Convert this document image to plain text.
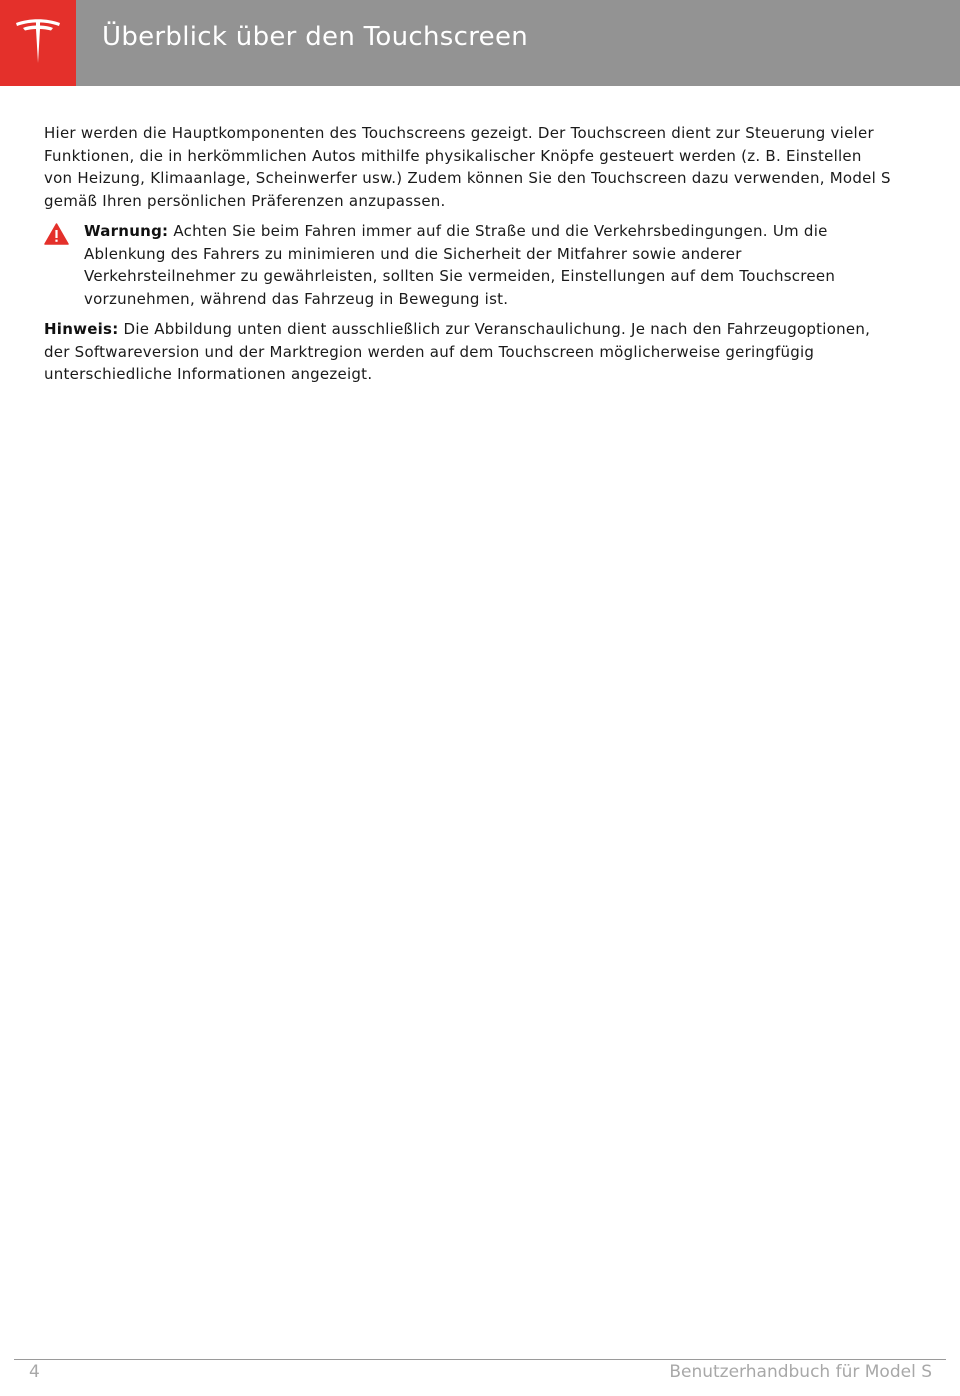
Überblick über den Touchscreen

Hier werden die Hauptkomponenten des Touchscreens gezeigt. Der Touchscreen dient zur Steuerung vieler Funktionen, die in herkömmlichen Autos mithilfe physikalischer Knöpfe gesteuert werden (z. B. Einstellen von Heizung, Klimaanlage, Scheinwerfer usw.) Zudem können Sie den Touchscreen dazu verwenden, Model S gemäß Ihren persönlichen Präferenzen anzupassen.

Warnung: Achten Sie beim Fahren immer auf die Straße und die Verkehrsbedingungen. Um die Ablenkung des Fahrers zu minimieren und die Sicherheit der Mitfahrer sowie anderer Verkehrsteilnehmer zu gewährleisten, sollten Sie vermeiden, Einstellungen auf dem Touchscreen vorzunehmen, während das Fahrzeug in Bewegung ist.
Hinweis: Die Abbildung unten dient ausschließlich zur Veranschaulichung. Je nach den Fahrzeugoptionen, der Softwareversion und der Marktregion werden auf dem Touchscreen möglicherweise geringfügig unterschiedliche Informationen angezeigt.
4	Benutzerhandbuch für Model S
